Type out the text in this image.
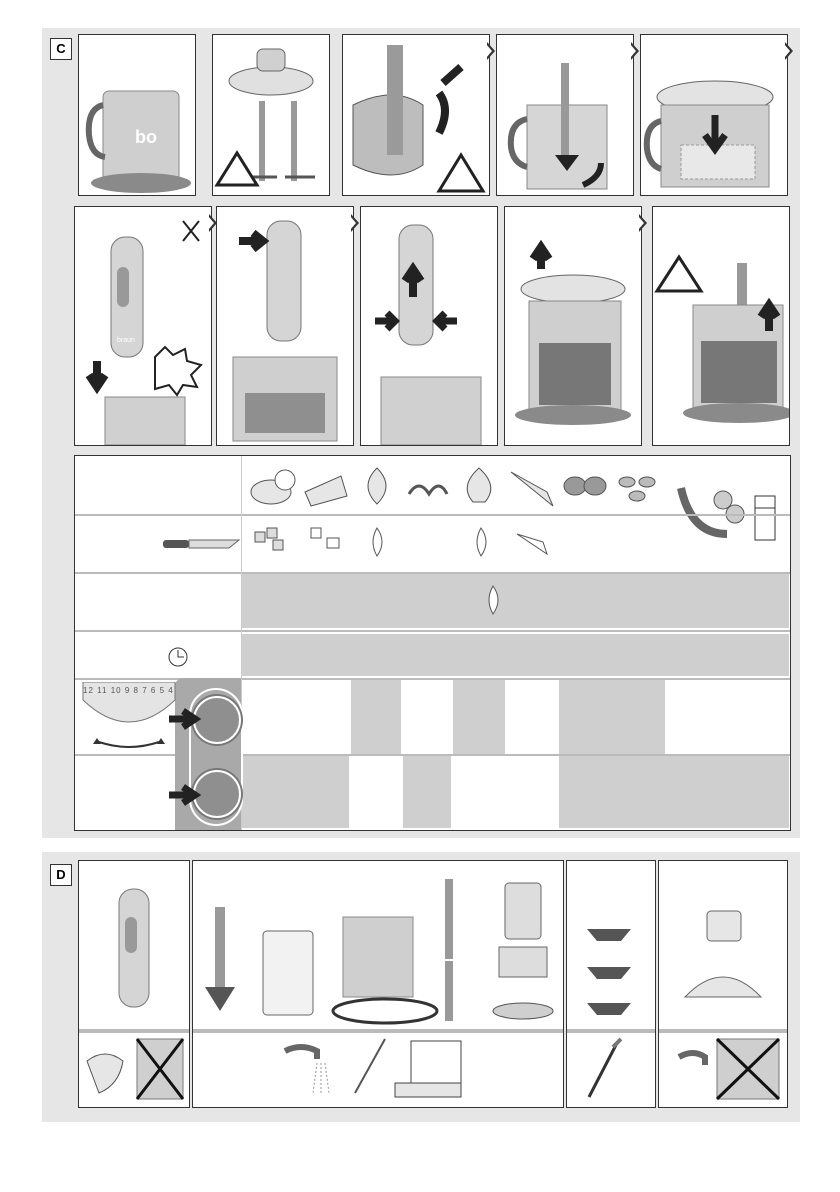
C
bo
braun
12 11 10 9 8 7 6 5 4
D
